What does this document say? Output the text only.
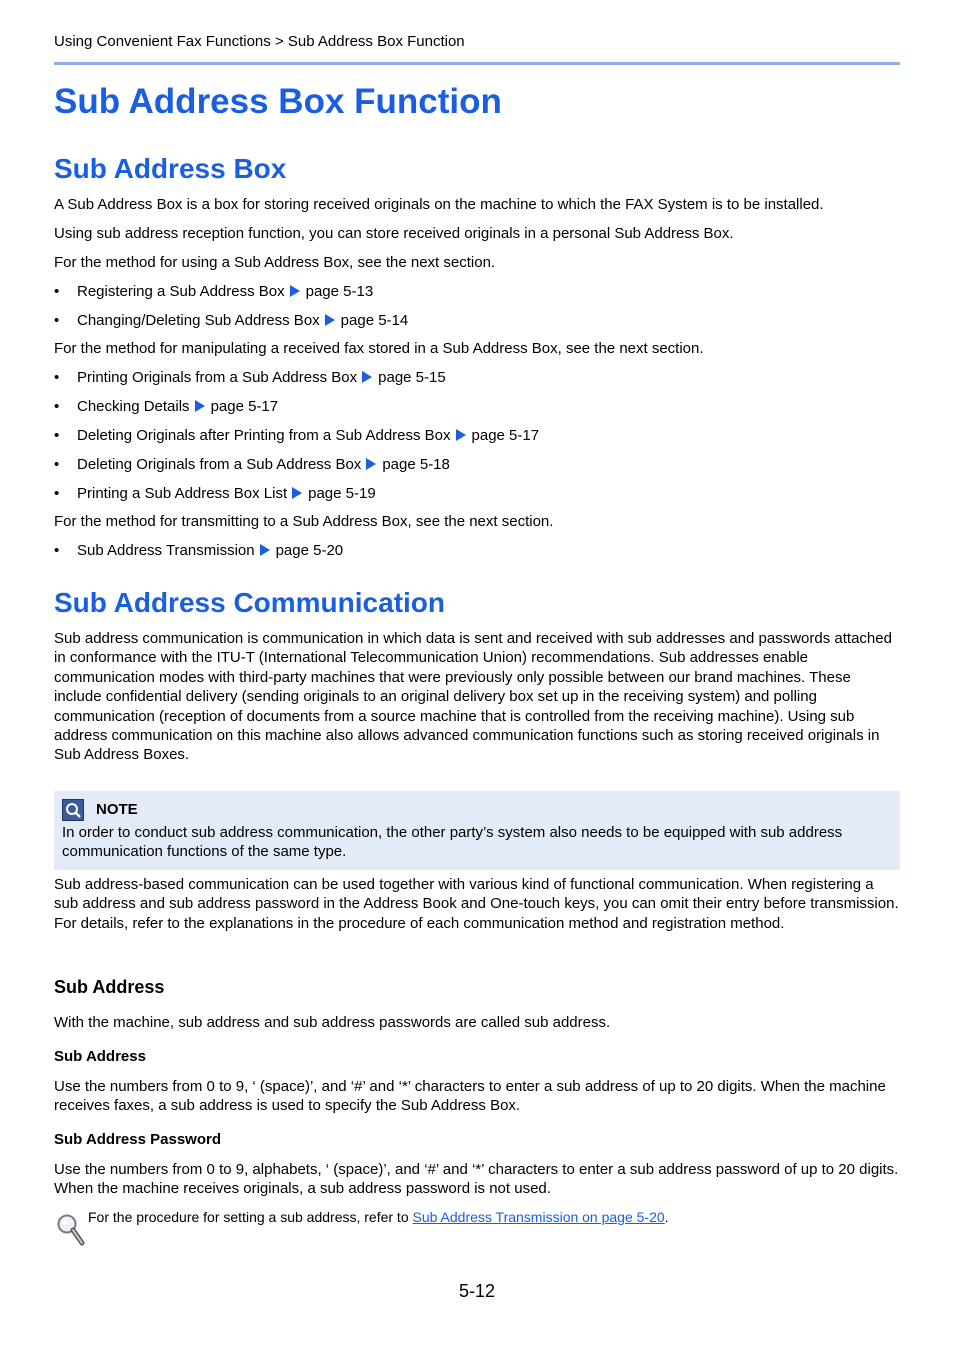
Using Convenient Fax Functions > Sub Address Box Function
Sub Address Box Function
Sub Address Box

A Sub Address Box is a box for storing received originals on the machine to which the FAX System is to be installed.

Using sub address reception function, you can store received originals in a personal Sub Address Box.

For the method for using a Sub Address Box, see the next section.

• Registering a Sub Address Box page 5-13
• Changing/Deleting Sub Address Box page 5-14

For the method for manipulating a received fax stored in a Sub Address Box, see the next section.

• Printing Originals from a Sub Address Box page 5-15
• Checking Details page 5-17
• Deleting Originals after Printing from a Sub Address Box page 5-17
• Deleting Originals from a Sub Address Box page 5-18
• Printing a Sub Address Box List page 5-19

For the method for transmitting to a Sub Address Box, see the next section.

• Sub Address Transmission page 5-20
Sub Address Communication

Sub address communication is communication in which data is sent and received with sub addresses and passwords attached in conformance with the ITU-T (International Telecommunication Union) recommendations. Sub addresses enable communication modes with third-party machines that were previously only possible between our brand machines. These include confidential delivery (sending originals to an original delivery box set up in the receiving system) and polling communication (reception of documents from a source machine that is controlled from the receiving machine). Using sub address communication on this machine also allows advanced communication functions such as storing received originals in Sub Address Boxes.

NOTE
In order to conduct sub address communication, the other party’s system also needs to be equipped with sub address communication functions of the same type.

Sub address-based communication can be used together with various kind of functional communication. When registering a sub address and sub address password in the Address Book and One-touch keys, you can omit their entry before transmission. For details, refer to the explanations in the procedure of each communication method and registration method.

Sub Address

With the machine, sub address and sub address passwords are called sub address.

Sub Address

Use the numbers from 0 to 9, ‘ (space)’, and ‘#’ and ‘*’ characters to enter a sub address of up to 20 digits. When the machine receives faxes, a sub address is used to specify the Sub Address Box.

Sub Address Password

Use the numbers from 0 to 9, alphabets, ‘ (space)’, and ‘#’ and ‘*’ characters to enter a sub address password of up to 20 digits. When the machine receives originals, a sub address password is not used.

For the procedure for setting a sub address, refer to Sub Address Transmission on page 5-20.
5-12
